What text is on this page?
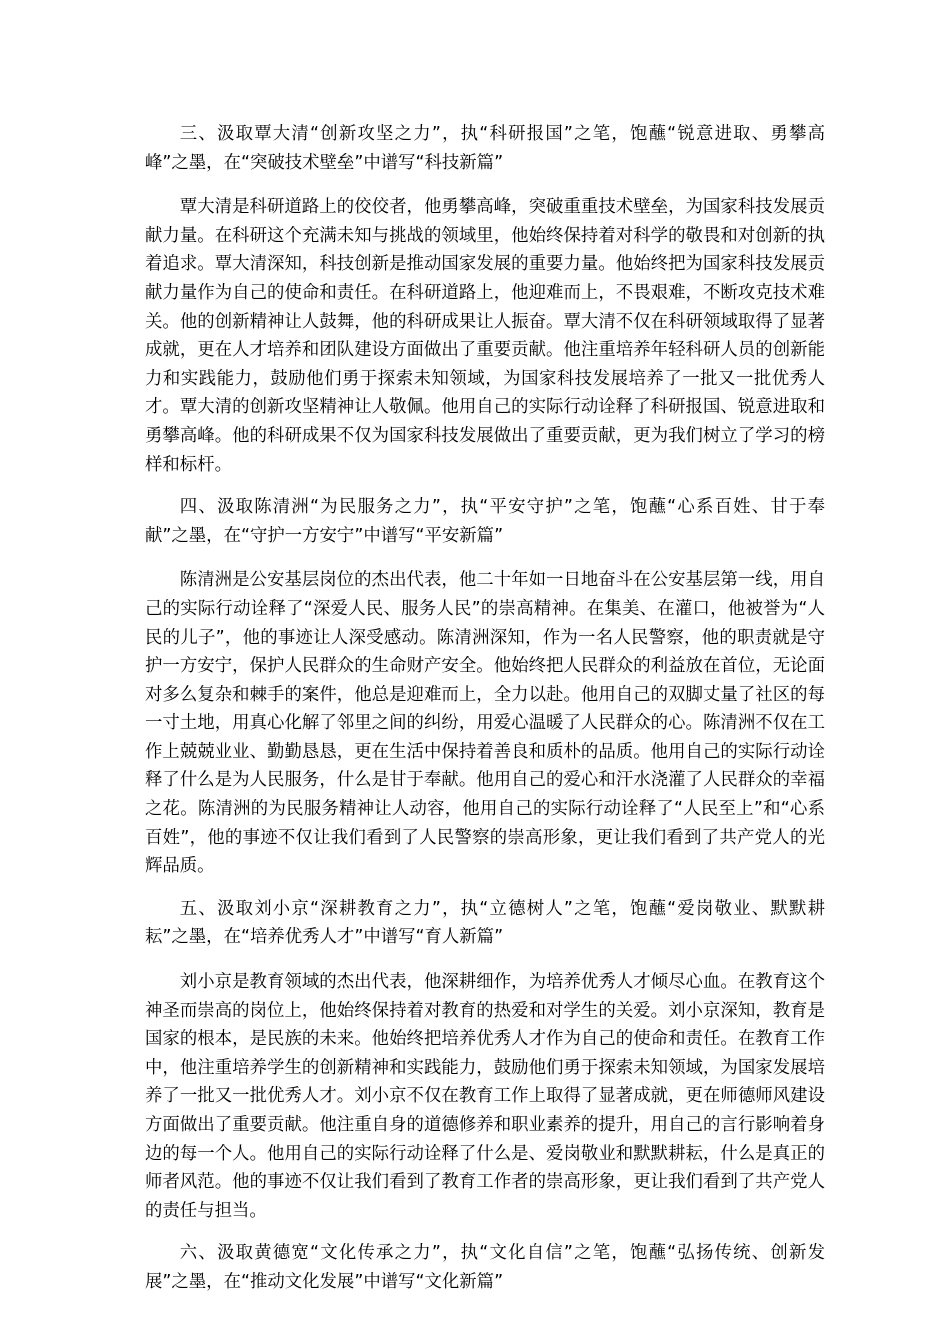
三、汲取覃大清“创新攻坚之力”，执“科研报国”之笔，饱蘸“锐意进取、勇攀高峰”之墨，在“突破技术壁垒”中谱写“科技新篇”

覃大清是科研道路上的佼佼者，他勇攀高峰，突破重重技术壁垒，为国家科技发展贡献力量。在科研这个充满未知与挑战的领域里，他始终保持着对科学的敬畏和对创新的执着追求。覃大清深知，科技创新是推动国家发展的重要力量。他始终把为国家科技发展贡献力量作为自己的使命和责任。在科研道路上，他迎难而上，不畏艰难，不断攻克技术难关。他的创新精神让人鼓舞，他的科研成果让人振奋。覃大清不仅在科研领域取得了显著成就，更在人才培养和团队建设方面做出了重要贡献。他注重培养年轻科研人员的创新能力和实践能力，鼓励他们勇于探索未知领域，为国家科技发展培养了一批又一批优秀人才。覃大清的创新攻坚精神让人敬佩。他用自己的实际行动诠释了科研报国、锐意进取和勇攀高峰。他的科研成果不仅为国家科技发展做出了重要贡献，更为我们树立了学习的榜样和标杆。

四、汲取陈清洲“为民服务之力”，执“平安守护”之笔，饱蘸“心系百姓、甘于奉献”之墨，在“守护一方安宁”中谱写“平安新篇”

陈清洲是公安基层岗位的杰出代表，他二十年如一日地奋斗在公安基层第一线，用自己的实际行动诠释了“深爱人民、服务人民”的崇高精神。在集美、在灌口，他被誉为“人民的儿子”，他的事迹让人深受感动。陈清洲深知，作为一名人民警察，他的职责就是守护一方安宁，保护人民群众的生命财产安全。他始终把人民群众的利益放在首位，无论面对多么复杂和棘手的案件，他总是迎难而上，全力以赴。他用自己的双脚丈量了社区的每一寸土地，用真心化解了邻里之间的纠纷，用爱心温暖了人民群众的心。陈清洲不仅在工作上兢兢业业、勤勤恳恳，更在生活中保持着善良和质朴的品质。他用自己的实际行动诠释了什么是为人民服务，什么是甘于奉献。他用自己的爱心和汗水浇灌了人民群众的幸福之花。陈清洲的为民服务精神让人动容，他用自己的实际行动诠释了“人民至上”和“心系百姓”，他的事迹不仅让我们看到了人民警察的崇高形象，更让我们看到了共产党人的光辉品质。

五、汲取刘小京“深耕教育之力”，执“立德树人”之笔，饱蘸“爱岗敬业、默默耕耘”之墨，在“培养优秀人才”中谱写“育人新篇”

刘小京是教育领域的杰出代表，他深耕细作，为培养优秀人才倾尽心血。在教育这个神圣而崇高的岗位上，他始终保持着对教育的热爱和对学生的关爱。刘小京深知，教育是国家的根本，是民族的未来。他始终把培养优秀人才作为自己的使命和责任。在教育工作中，他注重培养学生的创新精神和实践能力，鼓励他们勇于探索未知领域，为国家发展培养了一批又一批优秀人才。刘小京不仅在教育工作上取得了显著成就，更在师德师风建设方面做出了重要贡献。他注重自身的道德修养和职业素养的提升，用自己的言行影响着身边的每一个人。他用自己的实际行动诠释了什么是、爱岗敬业和默默耕耘，什么是真正的师者风范。他的事迹不仅让我们看到了教育工作者的崇高形象，更让我们看到了共产党人的责任与担当。

六、汲取黄德宽“文化传承之力”，执“文化自信”之笔，饱蘸“弘扬传统、创新发展”之墨，在“推动文化发展”中谱写“文化新篇”
